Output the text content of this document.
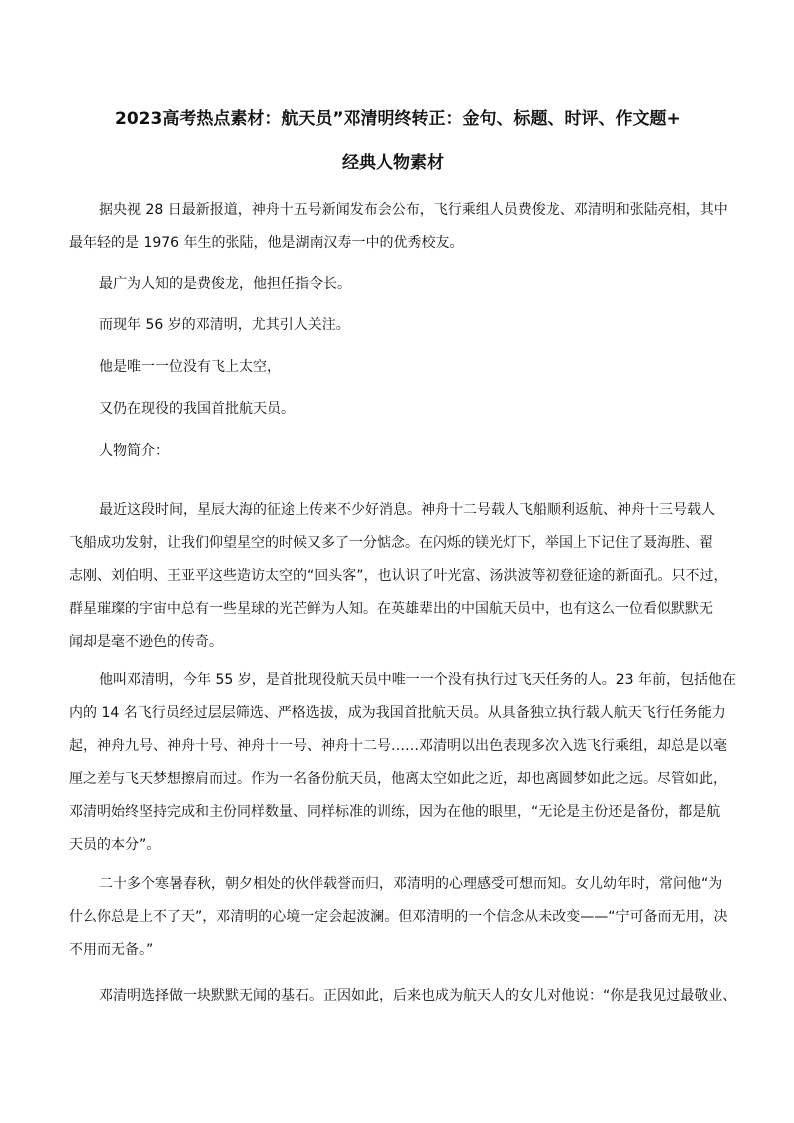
2023高考热点素材：航天员”邓清明终转正：金句、标题、时评、作文题+
经典人物素材
据央视 28 日最新报道，神舟十五号新闻发布会公布，飞行乘组人员费俊龙、邓清明和张陆亮相，其中
最年轻的是 1976 年生的张陆，他是湖南汉寿一中的优秀校友。
最广为人知的是费俊龙，他担任指令长。
而现年 56 岁的邓清明，尤其引人关注。
他是唯一一位没有飞上太空，
又仍在现役的我国首批航天员。
人物简介：
最近这段时间，星辰大海的征途上传来不少好消息。神舟十二号载人飞船顺利返航、神舟十三号载人
飞船成功发射，让我们仰望星空的时候又多了一分惦念。在闪烁的镁光灯下，举国上下记住了聂海胜、翟
志刚、刘伯明、王亚平这些造访太空的“回头客”，也认识了叶光富、汤洪波等初登征途的新面孔。只不过，
群星璀璨的宇宙中总有一些星球的光芒鲜为人知。在英雄辈出的中国航天员中，也有这么一位看似默默无
闻却是毫不逊色的传奇。
他叫邓清明，今年 55 岁，是首批现役航天员中唯一一个没有执行过飞天任务的人。23 年前，包括他在
内的 14 名飞行员经过层层筛选、严格选拔，成为我国首批航天员。从具备独立执行载人航天飞行任务能力
起，神舟九号、神舟十号、神舟十一号、神舟十二号……邓清明以出色表现多次入选飞行乘组，却总是以毫
厘之差与飞天梦想擦肩而过。作为一名备份航天员，他离太空如此之近，却也离圆梦如此之远。尽管如此，
邓清明始终坚持完成和主份同样数量、同样标准的训练，因为在他的眼里，“无论是主份还是备份，都是航
天员的本分”。
二十多个寒暑春秋，朝夕相处的伙伴载誉而归，邓清明的心理感受可想而知。女儿幼年时，常问他“为
什么你总是上不了天”，邓清明的心境一定会起波澜。但邓清明的一个信念从未改变——“宁可备而无用，决
不用而无备。”
邓清明选择做一块默默无闻的基石。正因如此，后来也成为航天人的女儿对他说：“你是我见过最敬业、
